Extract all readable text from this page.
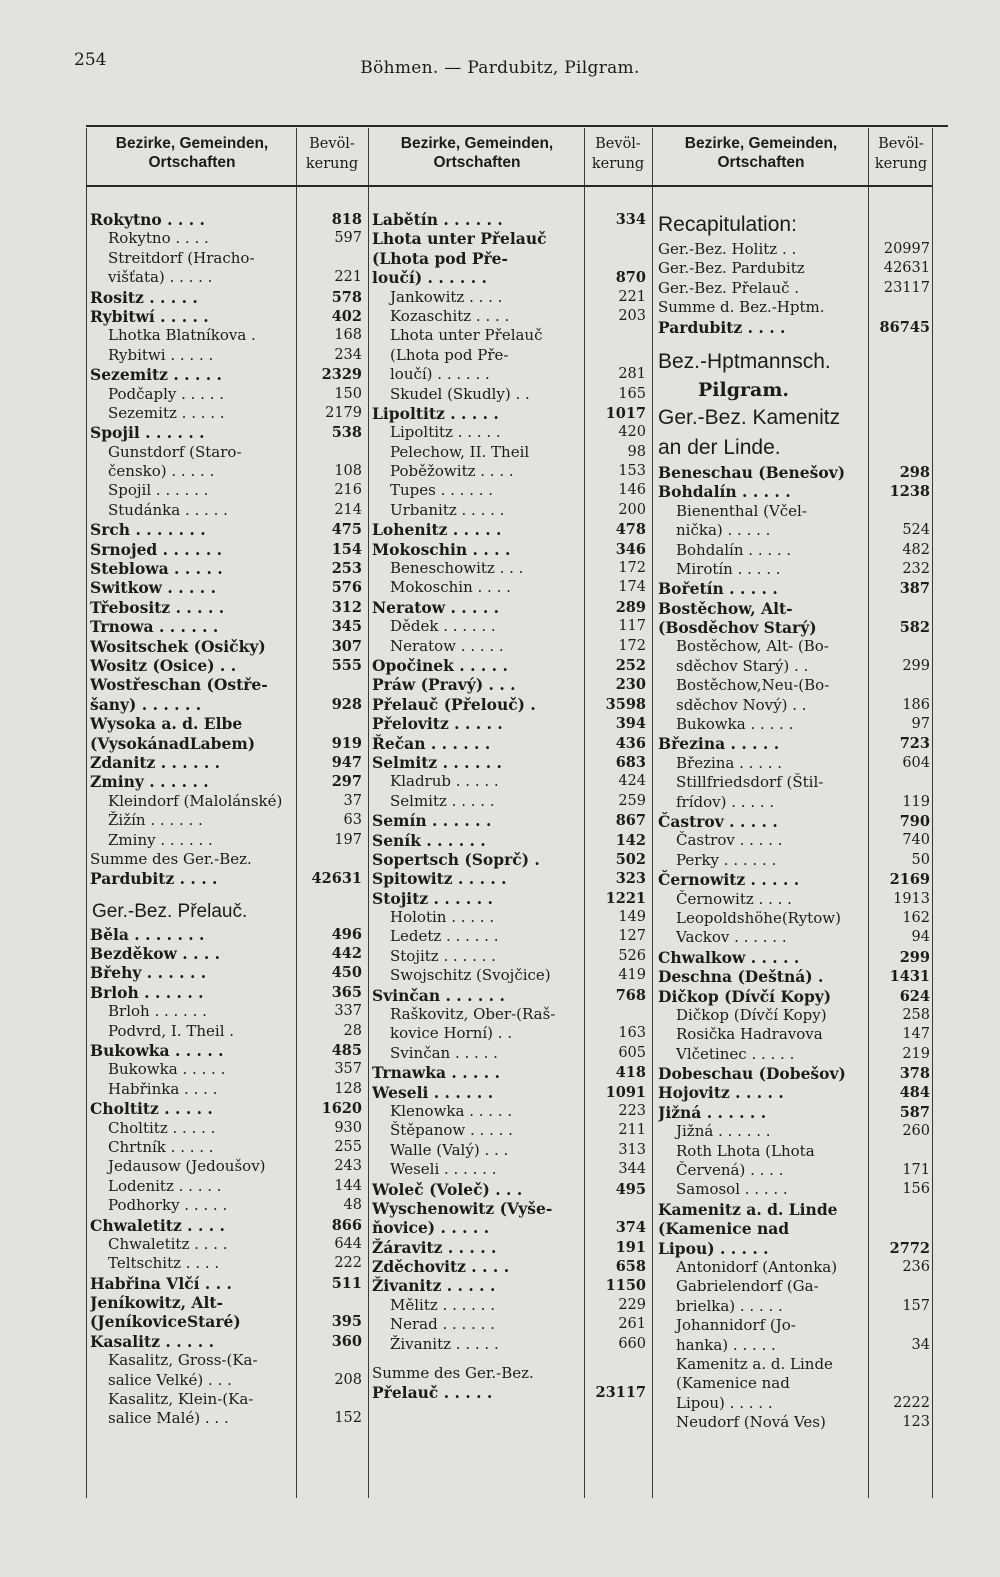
254	Böhmen. — Pardubitz, Pilgram.
Bezirke, Gemeinden, Ortschaften
Bevöl-kerung
Bezirke, Gemeinden, Ortschaften
Bevöl-kerung
Bezirke, Gemeinden, Ortschaften
Bevöl-kerung
Rokytno . . . .	818
Rokytno . . . .	597
Streitdorf (Hracho-
višťata) . . . . .	221
Rositz . . . . .	578
Rybitwí . . . . .	402
Lhotka Blatníkova .	168
Rybitwi . . . . .	234
Sezemitz . . . . .	2329
Podčaply . . . . .	150
Sezemitz . . . . .	2179
Spojil . . . . . .	538
Gunstdorf (Staro-
čensko) . . . . .	108
Spojil . . . . . .	216
Studánka . . . . .	214
Srch . . . . . . .	475
Srnojed . . . . . .	154
Steblowa . . . . .	253
Switkow . . . . .	576
Třebositz . . . . .	312
Trnowa . . . . . .	345
Wositschek (Osičky)	307
Wositz (Osice) . .	555
Wostřeschan (Ostře-
šany) . . . . . .	928
Wysoka a. d. Elbe
(VysokánadLabem)	919
Zdanitz . . . . . .	947
Zminy . . . . . .	297
Kleindorf (Malolánské)	37
Žižín . . . . . .	63
Zminy . . . . . .	197
Summe des Ger.-Bez.
Pardubitz . . . .	42631
Ger.-Bez. Přelauč.
Běla . . . . . . .	496
Bezděkow . . . .	442
Břehy . . . . . .	450
Brloh . . . . . .	365
Brloh . . . . . .	337
Podvrd, I. Theil .	28
Bukowka . . . . .	485
Bukowka . . . . .	357
Habřinka . . . .	128
Choltitz . . . . .	1620
Choltitz . . . . .	930
Chrtník . . . . .	255
Jedausow (Jedoušov)	243
Lodenitz . . . . .	144
Podhorky . . . . .	48
Chwaletitz . . . .	866
Chwaletitz . . . .	644
Teltschitz . . . .	222
Habřina Vlčí . . .	511
Jeníkowitz, Alt-
(JeníkoviceStaré)	395
Kasalitz . . . . .	360
Kasalitz, Gross-(Ka-
salice Velké) . . .	208
Kasalitz, Klein-(Ka-
salice Malé) . . .	152
Labětín . . . . . .	334
Lhota unter Přelauč
(Lhota pod Pře-
loučí) . . . . . .	870
Jankowitz . . . .	221
Kozaschitz . . . .	203
Lhota unter Přelauč
(Lhota pod Pře-
loučí) . . . . . .	281
Skudel (Skudly) . .	165
Lipoltitz . . . . .	1017
Lipoltitz . . . . .	420
Pelechow, II. Theil	98
Poběžowitz . . . .	153
Tupes . . . . . .	146
Urbanitz . . . . .	200
Lohenitz . . . . .	478
Mokoschin . . . .	346
Beneschowitz . . .	172
Mokoschin . . . .	174
Neratow . . . . .	289
Dědek . . . . . .	117
Neratow . . . . .	172
Opočinek . . . . .	252
Práw (Pravý) . . .	230
Přelauč (Přelouč) .	3598
Přelovitz . . . . .	394
Řečan . . . . . .	436
Selmitz . . . . . .	683
Kladrub . . . . .	424
Selmitz . . . . .	259
Semín . . . . . .	867
Seník . . . . . .	142
Sopertsch (Soprč) .	502
Spitowitz . . . . .	323
Stojitz . . . . . .	1221
Holotin . . . . .	149
Ledetz . . . . . .	127
Stojitz . . . . . .	526
Swojschitz (Svojčice)	419
Svinčan . . . . . .	768
Raškovitz, Ober-(Raš-
kovice Horní) . .	163
Svinčan . . . . .	605
Trnawka . . . . .	418
Weseli . . . . . .	1091
Klenowka . . . . .	223
Štěpanow . . . . .	211
Walle (Valý) . . .	313
Weseli . . . . . .	344
Woleč (Voleč) . . .	495
Wyschenowitz (Vyše-
ňovice) . . . . .	374
Žáravitz . . . . .	191
Zděchovitz . . . .	658
Živanitz . . . . .	1150
Mělitz . . . . . .	229
Nerad . . . . . .	261
Živanitz . . . . .	660
Summe des Ger.-Bez.
Přelauč . . . . .	23117
Recapitulation:
Ger.-Bez. Holitz . .	20997
Ger.-Bez. Pardubitz	42631
Ger.-Bez. Přelauč .	23117
Summe d. Bez.-Hptm.
Pardubitz . . . .	86745
Bez.-Hptmannsch.
Pilgram.
Ger.-Bez. Kamenitz
an der Linde.
Beneschau (Benešov)	298
Bohdalín . . . . .	1238
Bienenthal (Včel-
nička) . . . . .	524
Bohdalín . . . . .	482
Mirotín . . . . .	232
Bořetín . . . . .	387
Bostěchow, Alt-
(Bosděchov Starý)	582
Bostěchow, Alt- (Bo-
sděchov Starý) . .	299
Bostěchow,Neu-(Bo-
sděchov Nový) . .	186
Bukowka . . . . .	97
Březina . . . . .	723
Březina . . . . .	604
Stillfriedsdorf (Štil-
frídov) . . . . .	119
Častrov . . . . .	790
Častrov . . . . .	740
Perky . . . . . .	50
Černowitz . . . . .	2169
Černowitz . . . .	1913
Leopoldshöhe(Rytow)	162
Vackov . . . . . .	94
Chwalkow . . . . .	299
Deschna (Deštná) .	1431
Dičkop (Dívčí Kopy)	624
Dičkop (Dívčí Kopy)	258
Rosička Hadravova	147
Vlčetinec . . . . .	219
Dobeschau (Dobešov)	378
Hojovitz . . . . .	484
Jižná . . . . . .	587
Jižná . . . . . .	260
Roth Lhota (Lhota
Červená) . . . .	171
Samosol . . . . .	156
Kamenitz a. d. Linde
(Kamenice nad
Lipou) . . . . .	2772
Antonidorf (Antonka)	236
Gabrielendorf (Ga-
brielka) . . . . .	157
Johannidorf (Jo-
hanka) . . . . .	34
Kamenitz a. d. Linde
(Kamenice nad
Lipou) . . . . .	2222
Neudorf (Nová Ves)	123
